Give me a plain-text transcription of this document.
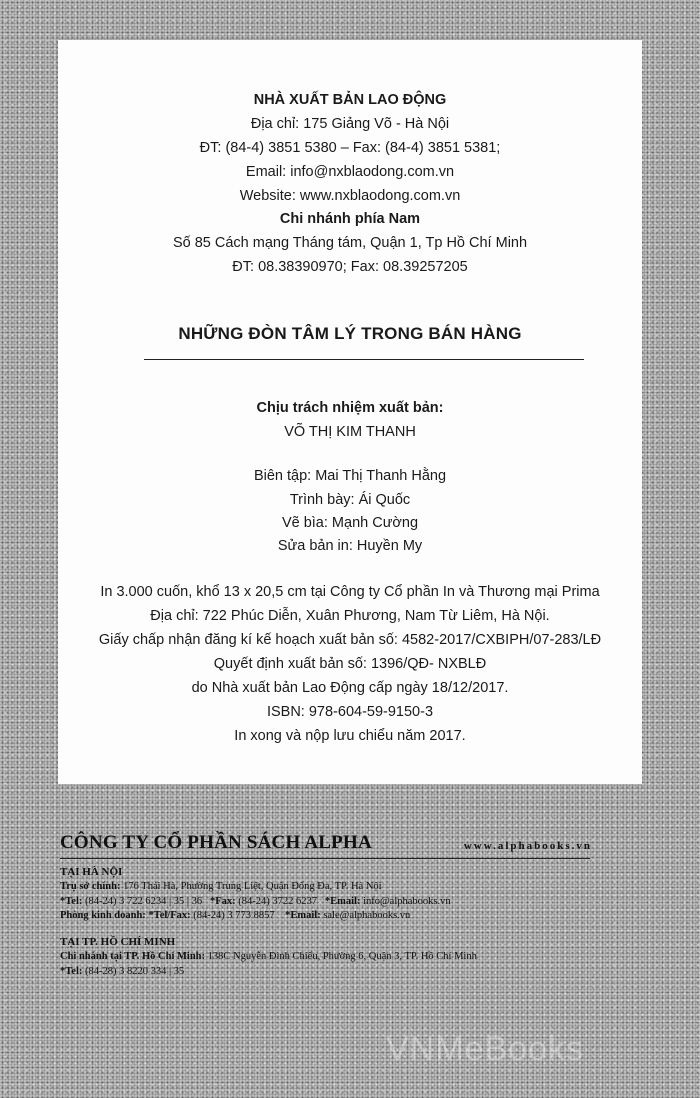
NHÀ XUẤT BẢN LAO ĐỘNG
Địa chỉ: 175 Giảng Võ - Hà Nội
ĐT: (84-4) 3851 5380 – Fax: (84-4) 3851 5381;
Email: info@nxblaodong.com.vn
Website: www.nxblaodong.com.vn
Chi nhánh phía Nam
Số 85 Cách mạng Tháng tám, Quận 1, Tp Hồ Chí Minh
ĐT: 08.38390970; Fax: 08.39257205
NHỮNG ĐÒN TÂM LÝ TRONG BÁN HÀNG
Chịu trách nhiệm xuất bản:
VÕ THỊ KIM THANH
Biên tập: Mai Thị Thanh Hằng
Trình bày: Ái Quốc
Vẽ bìa: Mạnh Cường
Sửa bản in: Huyền My
In 3.000 cuốn, khổ 13 x 20,5 cm tại Công ty Cổ phần In và Thương mại Prima
Địa chỉ: 722 Phúc Diễn, Xuân Phương, Nam Từ Liêm, Hà Nội.
Giấy chấp nhận đăng kí kế hoạch xuất bản số: 4582-2017/CXBIPH/07-283/LĐ
Quyết định xuất bản số: 1396/QĐ- NXBLĐ
do Nhà xuất bản Lao Động cấp ngày 18/12/2017.
ISBN: 978-604-59-9150-3
In xong và nộp lưu chiểu năm 2017.
CÔNG TY CỔ PHẦN SÁCH ALPHA	www.alphabooks.vn
TẠI HÀ NỘI
Trụ sở chính: 176 Thái Hà, Phường Trung Liệt, Quận Đống Đa, TP. Hà Nội
*Tel: (84-24) 3 722 6234 | 35 | 36 *Fax: (84-24) 3722 6237 *Email: info@alphabooks.vn
Phòng kinh doanh: *Tel/Fax: (84-24) 3 773 8857 *Email: sale@alphabooks.vn
TẠI TP. HỒ CHÍ MINH
Chi nhánh tại TP. Hồ Chí Minh: 138C Nguyễn Đình Chiểu, Phường 6, Quận 3, TP. Hồ Chí Minh
*Tel: (84-28) 3 8220 334 | 35
VNMeBooks
